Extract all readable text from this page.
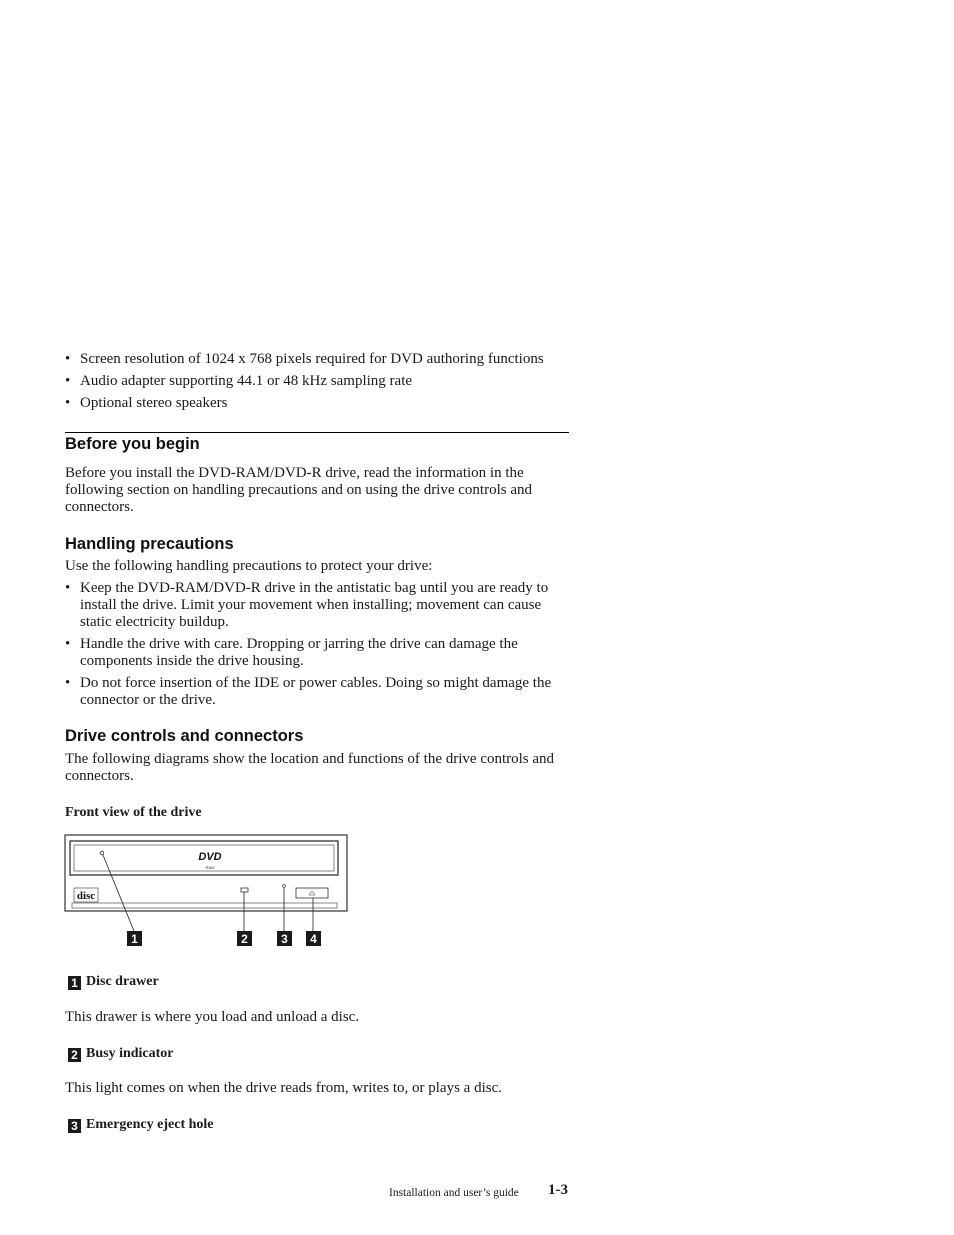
• Screen resolution of 1024 x 768 pixels required for DVD authoring functions
• Audio adapter supporting 44.1 or 48 kHz sampling rate
• Optional stereo speakers
Before you begin
Before you install the DVD-RAM/DVD-R drive, read the information in the following section on handling precautions and on using the drive controls and connectors.
Handling precautions
Use the following handling precautions to protect your drive:
• Keep the DVD-RAM/DVD-R drive in the antistatic bag until you are ready to install the drive. Limit your movement when installing; movement can cause static electricity buildup.
• Handle the drive with care. Dropping or jarring the drive can damage the components inside the drive housing.
• Do not force insertion of the IDE or power cables. Doing so might damage the connector or the drive.
Drive controls and connectors
The following diagrams show the location and functions of the drive controls and connectors.
Front view of the drive
DVD
RAM
disc
1	2	3 4
1 Disc drawer
This drawer is where you load and unload a disc.
2 Busy indicator
This light comes on when the drive reads from, writes to, or plays a disc.
3 Emergency eject hole
Installation and user’s guide 1-3
